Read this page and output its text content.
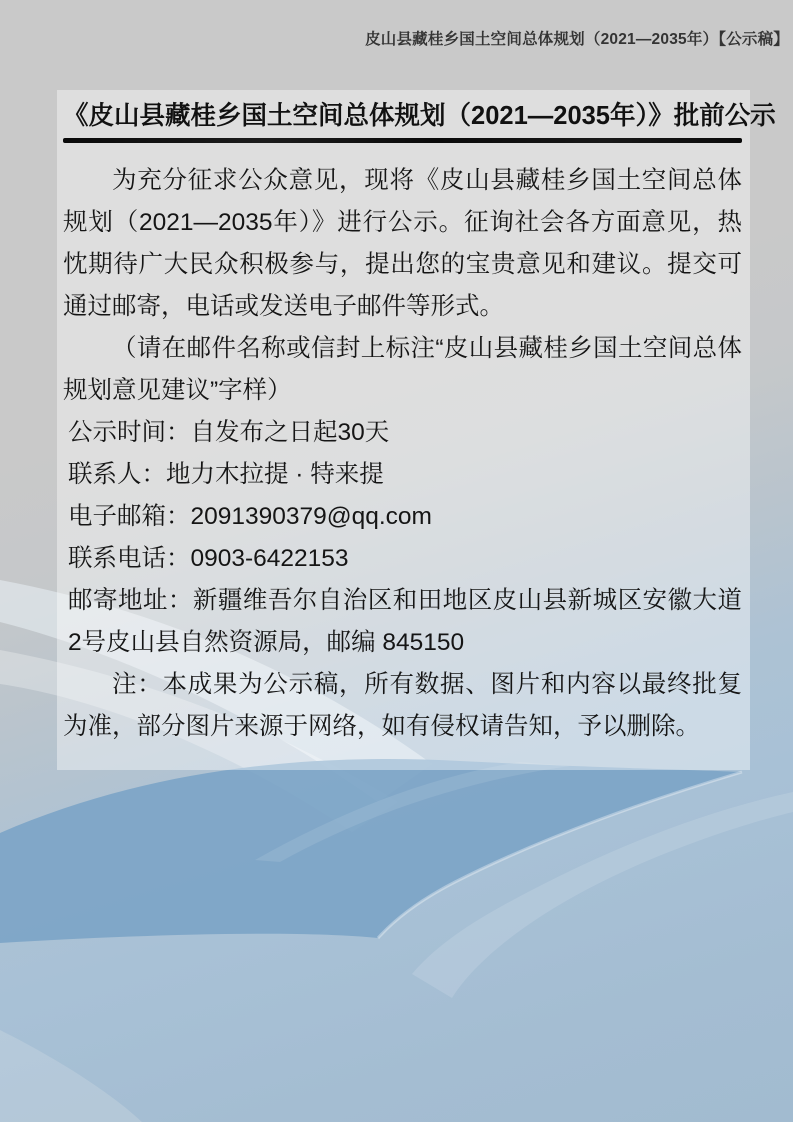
皮山县藏桂乡国土空间总体规划（2021—2035年）【公示稿】
《皮山县藏桂乡国土空间总体规划（2021—2035年）》批前公示

为充分征求公众意见，现将《皮山县藏桂乡国土空间总体规划（2021—2035年）》进行公示。征询社会各方面意见，热忱期待广大民众积极参与，提出您的宝贵意见和建议。提交可通过邮寄，电话或发送电子邮件等形式。

（请在邮件名称或信封上标注“皮山县藏桂乡国土空间总体规划意见建议”字样）

公示时间：自发布之日起30天

联系人：地力木拉提 · 特来提

电子邮箱：2091390379@qq.com

联系电话：0903-6422153

邮寄地址：新疆维吾尔自治区和田地区皮山县新城区安徽大道2号皮山县自然资源局，邮编 845150

注：本成果为公示稿，所有数据、图片和内容以最终批复为准，部分图片来源于网络，如有侵权请告知，予以删除。
